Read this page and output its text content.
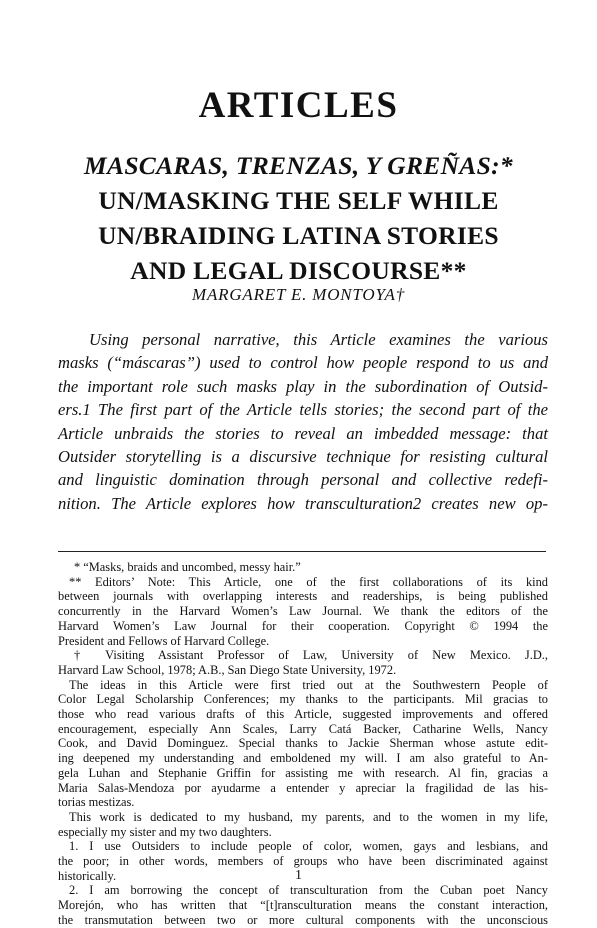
ARTICLES
MASCARAS, TRENZAS, Y GREÑAS:*
UN/MASKING THE SELF WHILE
UN/BRAIDING LATINA STORIES
AND LEGAL DISCOURSE**
MARGARET E. MONTOYA†
Using personal narrative, this Article examines the various
masks (“máscaras”) used to control how people respond to us and
the important role such masks play in the subordination of Outsid-
ers.1 The first part of the Article tells stories; the second part of the
Article unbraids the stories to reveal an imbedded message: that
Outsider storytelling is a discursive technique for resisting cultural
and linguistic domination through personal and collective redefi-
nition. The Article explores how transculturation2 creates new op-
* “Masks, braids and uncombed, messy hair.”
** Editors’ Note: This Article, one of the first collaborations of its kind
between journals with overlapping interests and readerships, is being published
concurrently in the Harvard Women’s Law Journal. We thank the editors of the
Harvard Women’s Law Journal for their cooperation. Copyright © 1994 the
President and Fellows of Harvard College.
† Visiting Assistant Professor of Law, University of New Mexico. J.D.,
Harvard Law School, 1978; A.B., San Diego State University, 1972.
The ideas in this Article were first tried out at the Southwestern People of
Color Legal Scholarship Conferences; my thanks to the participants. Mil gracias to
those who read various drafts of this Article, suggested improvements and offered
encouragement, especially Ann Scales, Larry Catá Backer, Catharine Wells, Nancy
Cook, and David Dominguez. Special thanks to Jackie Sherman whose astute edit-
ing deepened my understanding and emboldened my will. I am also grateful to An-
gela Luhan and Stephanie Griffin for assisting me with research. Al fin, gracias a
Maria Salas-Mendoza por ayudarme a entender y apreciar la fragilidad de las his-
torias mestizas.
This work is dedicated to my husband, my parents, and to the women in my life,
especially my sister and my two daughters.
1. I use Outsiders to include people of color, women, gays and lesbians, and
the poor; in other words, members of groups who have been discriminated against
historically.
2. I am borrowing the concept of transculturation from the Cuban poet Nancy
Morejón, who has written that “[t]ransculturation means the constant interaction,
the transmutation between two or more cultural components with the unconscious
1
